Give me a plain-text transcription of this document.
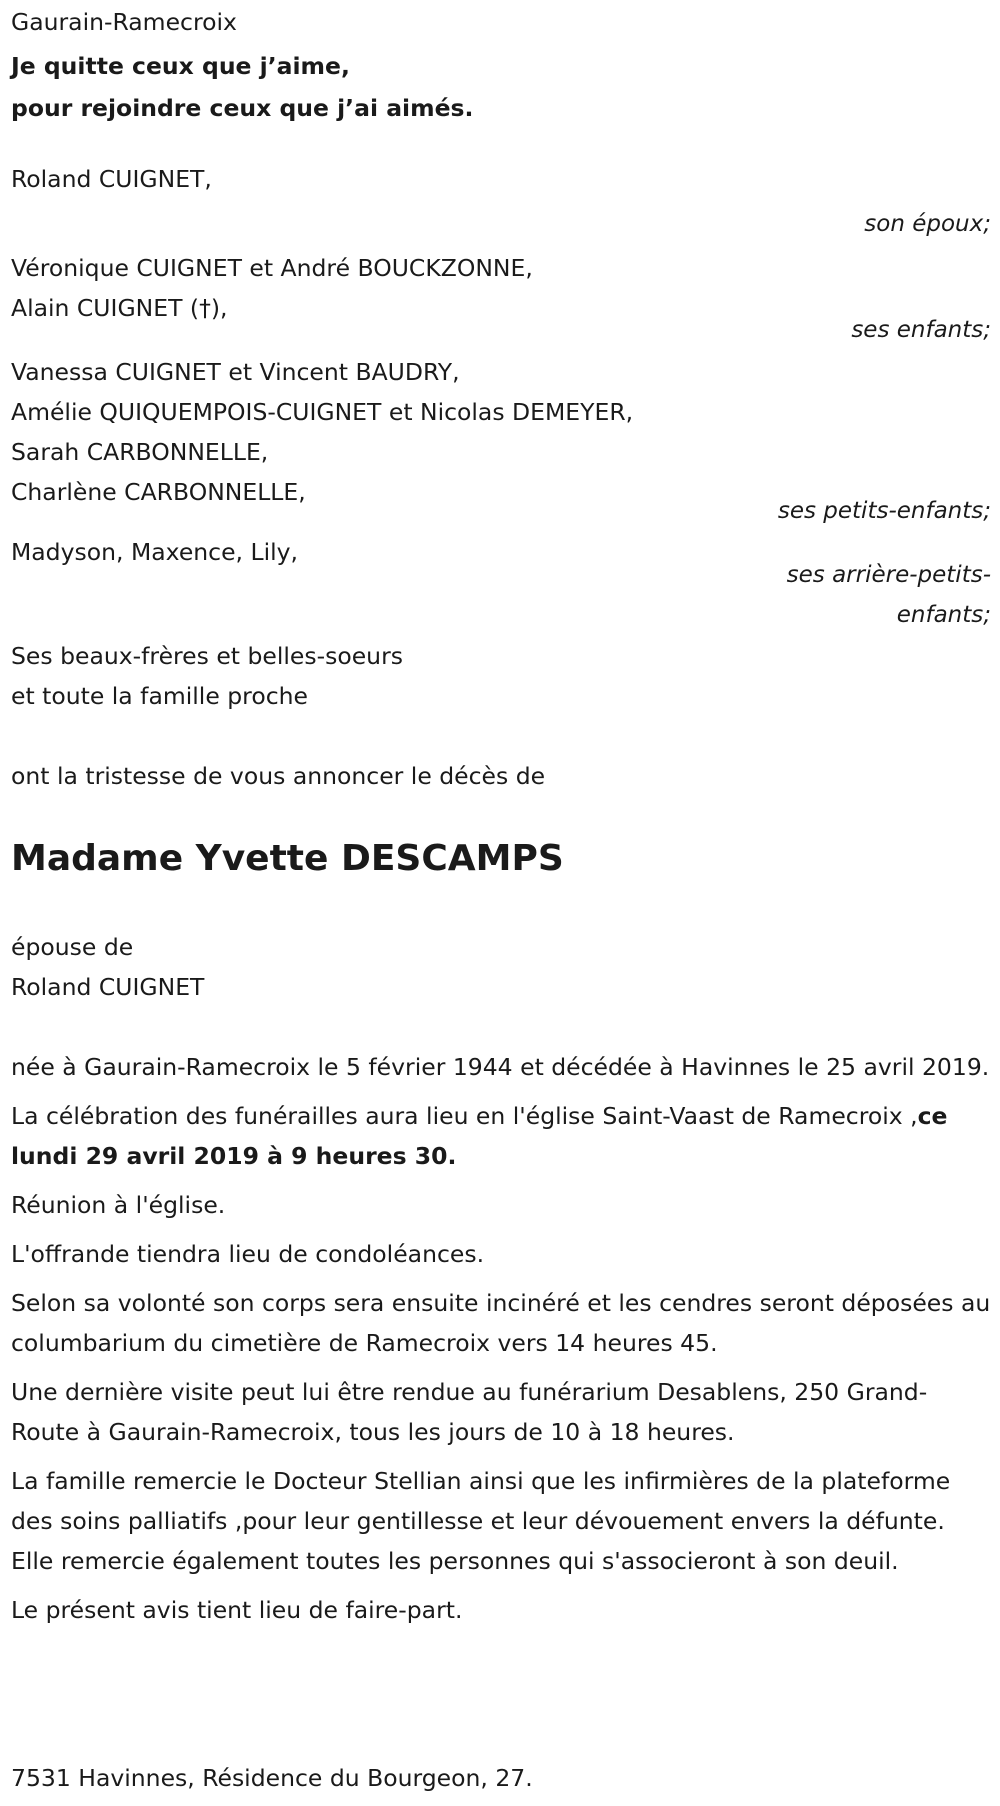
Gaurain-Ramecroix

Je quitte ceux que j’aime,

pour rejoindre ceux que j’ai aimés.

Roland CUIGNET,

son époux;

Véronique CUIGNET et André BOUCKZONNE,

Alain CUIGNET (†),

ses enfants;

Vanessa CUIGNET et Vincent BAUDRY,

Amélie QUIQUEMPOIS-CUIGNET et Nicolas DEMEYER,

Sarah CARBONNELLE,

Charlène CARBONNELLE,

ses petits-enfants;

Madyson, Maxence, Lily,

ses arrière-petits-

enfants;

Ses beaux-frères et belles-soeurs

et toute la famille proche

ont la tristesse de vous annoncer le décès de

Madame Yvette DESCAMPS

épouse de

Roland CUIGNET

née à Gaurain-Ramecroix le 5 février 1944 et décédée à Havinnes le 25 avril 2019.

La célébration des funérailles aura lieu en l'église Saint-Vaast de Ramecroix ,ce lundi 29 avril 2019 à 9 heures 30.

Réunion à l'église.

L'offrande tiendra lieu de condoléances.

Selon sa volonté son corps sera ensuite incinéré et les cendres seront déposées au columbarium du cimetière de Ramecroix vers 14 heures 45.

Une dernière visite peut lui être rendue au funérarium Desablens, 250 Grand-Route à Gaurain-Ramecroix, tous les jours de 10 à 18 heures.

La famille remercie le Docteur Stellian ainsi que les infirmières de la plateforme des soins palliatifs ,pour leur gentillesse et leur dévouement envers la défunte. Elle remercie également toutes les personnes qui s'associeront à son deuil.

Le présent avis tient lieu de faire-part.

7531 Havinnes, Résidence du Bourgeon, 27.
